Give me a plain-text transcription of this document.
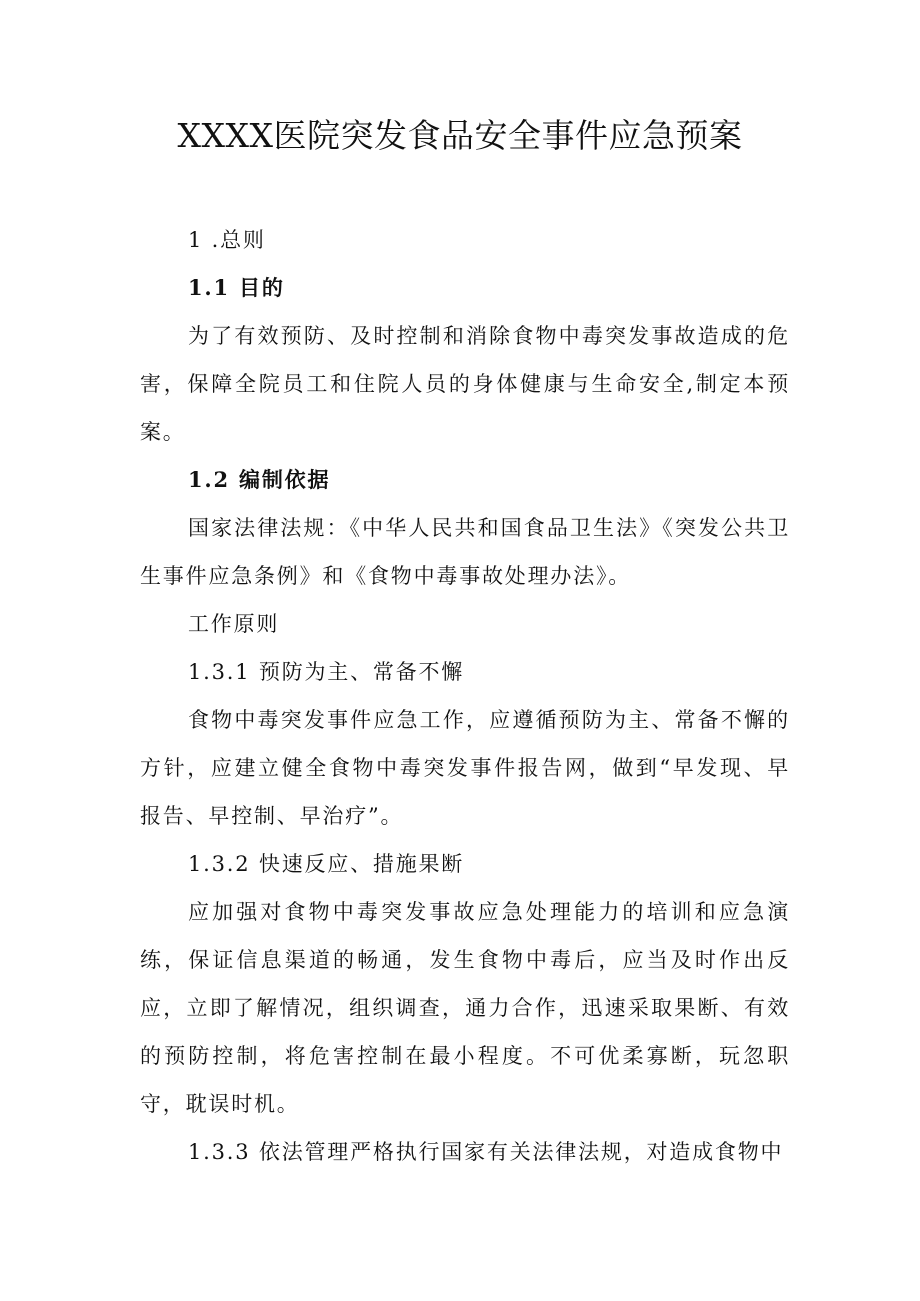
XXXX医院突发食品安全事件应急预案

1 .总则

1.1 目的

为了有效预防、及时控制和消除食物中毒突发事故造成的危害，保障全院员工和住院人员的身体健康与生命安全,制定本预案。

1.2 编制依据

国家法律法规：《中华人民共和国食品卫生法》《突发公共卫生事件应急条例》和《食物中毒事故处理办法》。

工作原则

1.3.1 预防为主、常备不懈

食物中毒突发事件应急工作，应遵循预防为主、常备不懈的方针，应建立健全食物中毒突发事件报告网，做到“早发现、早报告、早控制、早治疗”。

1.3.2 快速反应、措施果断

应加强对食物中毒突发事故应急处理能力的培训和应急演练，保证信息渠道的畅通，发生食物中毒后，应当及时作出反应，立即了解情况，组织调查，通力合作，迅速采取果断、有效的预防控制，将危害控制在最小程度。不可优柔寡断，玩忽职守，耽误时机。

1.3.3 依法管理严格执行国家有关法律法规，对造成食物中
